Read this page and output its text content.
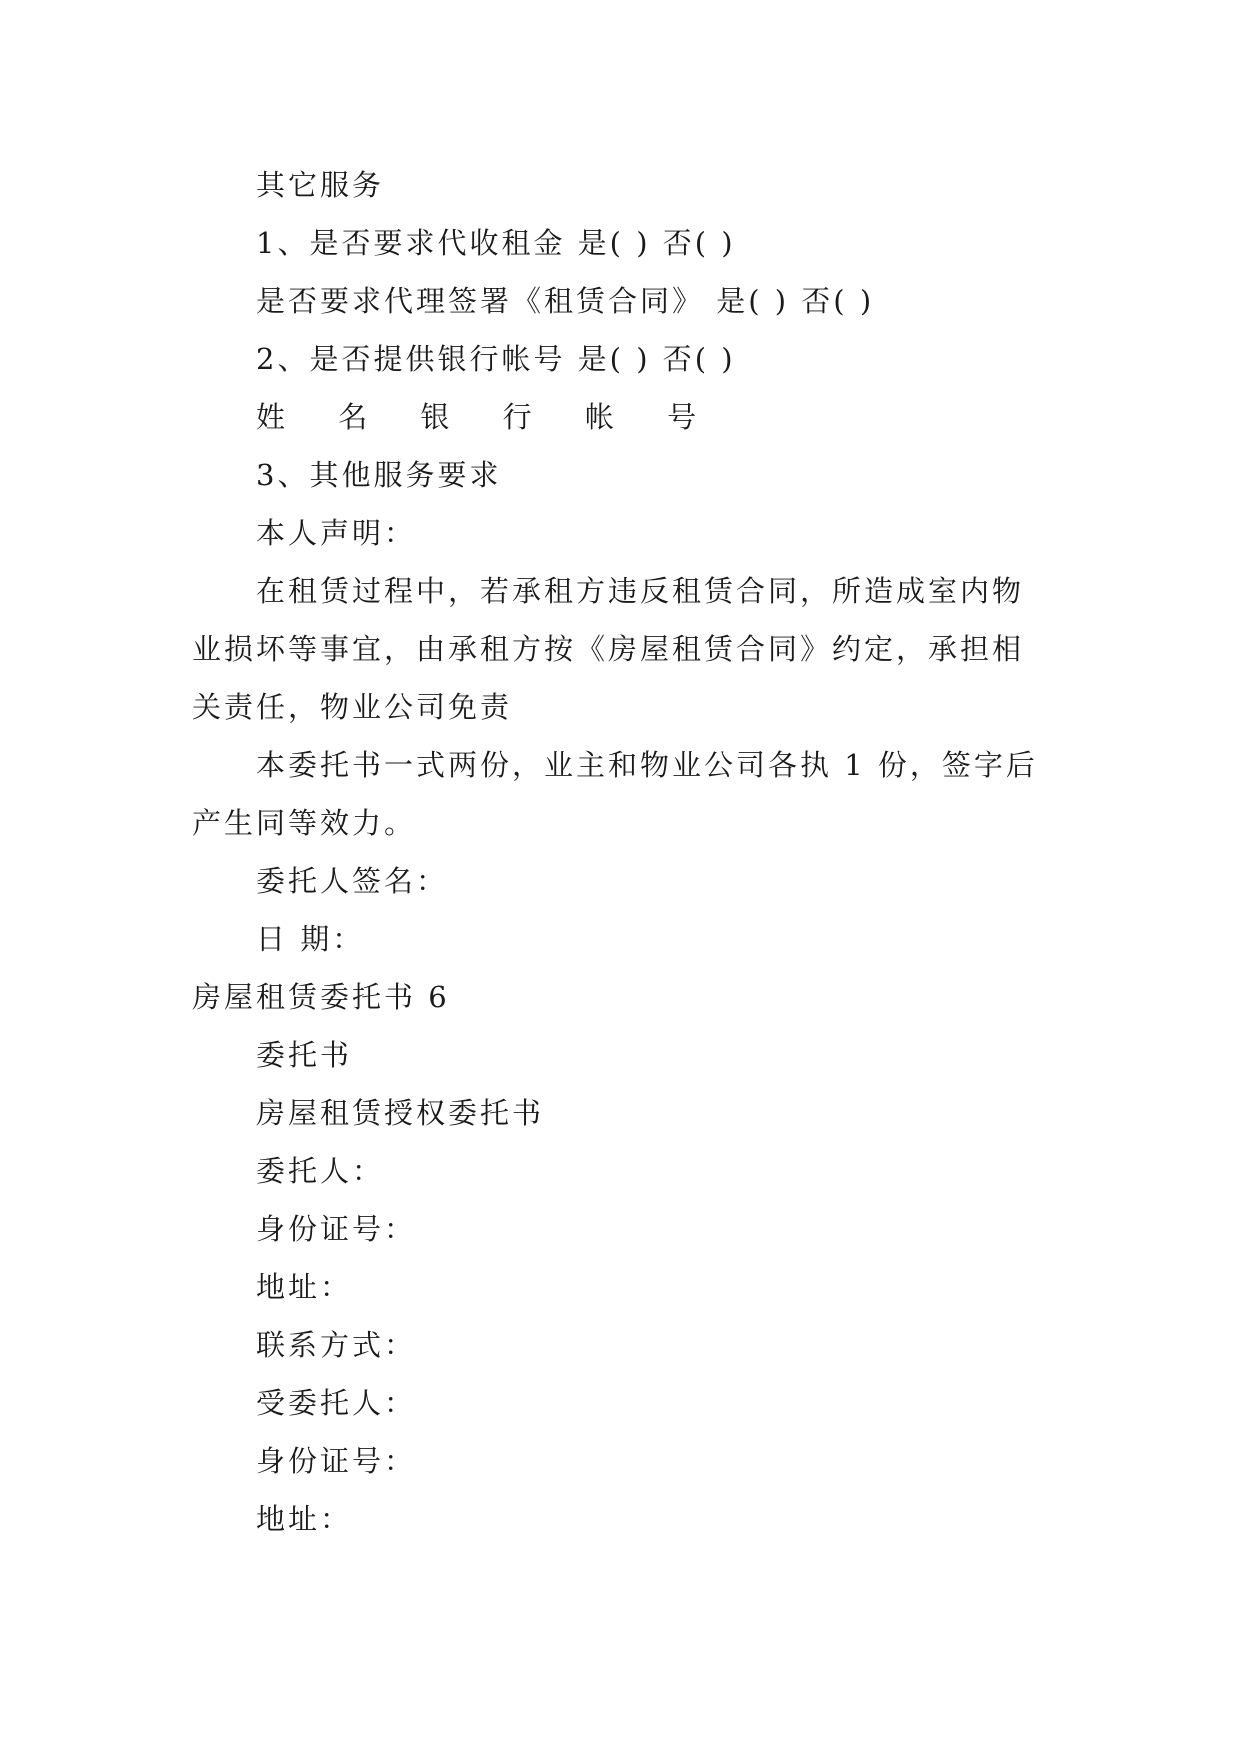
其它服务
1、是否要求代收租金 是( ) 否( )
是否要求代理签署《租赁合同》 是( ) 否( )
2、是否提供银行帐号 是( ) 否( )
姓 名 银 行 帐 号
3、其他服务要求
本人声明：
在租赁过程中，若承租方违反租赁合同，所造成室内物
业损坏等事宜，由承租方按《房屋租赁合同》约定，承担相
关责任，物业公司免责
本委托书一式两份，业主和物业公司各执 1 份，签字后
产生同等效力。
委托人签名：
日 期：
房屋租赁委托书 6
委托书
房屋租赁授权委托书
委托人：
身份证号：
地址：
联系方式：
受委托人：
身份证号：
地址：
